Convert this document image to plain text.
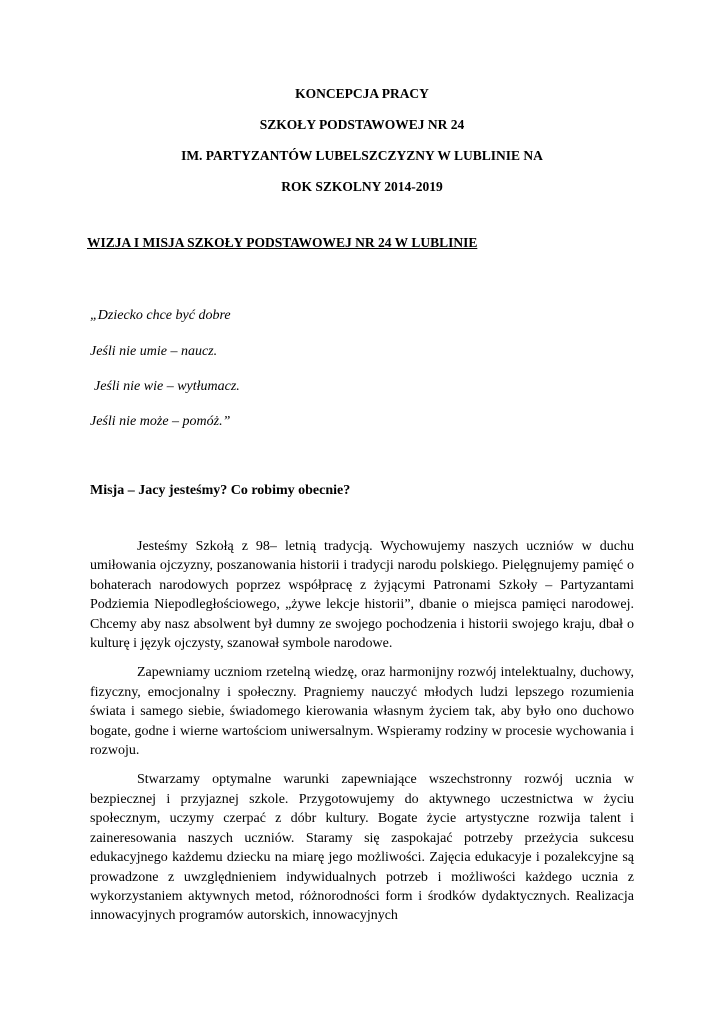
KONCEPCJA PRACY

SZKOŁY PODSTAWOWEJ NR 24

IM. PARTYZANTÓW LUBELSZCZYZNY W LUBLINIE NA

ROK SZKOLNY 2014-2019

WIZJA I MISJA SZKOŁY PODSTAWOWEJ NR 24 W LUBLINIE

„Dziecko chce być dobre

Jeśli nie umie – naucz.

Jeśli nie wie – wytłumacz.

Jeśli nie może – pomóż.”

Misja – Jacy jesteśmy? Co robimy obecnie?

Jesteśmy Szkołą z 98– letnią tradycją. Wychowujemy naszych uczniów w duchu umiłowania ojczyzny, poszanowania historii i tradycji narodu polskiego. Pielęgnujemy pamięć o bohaterach narodowych poprzez współpracę z żyjącymi Patronami Szkoły – Partyzantami Podziemia Niepodległościowego, „żywe lekcje historii”, dbanie o miejsca pamięci narodowej. Chcemy aby nasz absolwent był dumny ze swojego pochodzenia i historii swojego kraju, dbał o kulturę i język ojczysty, szanował symbole narodowe.

Zapewniamy uczniom rzetelną wiedzę, oraz harmonijny rozwój intelektualny, duchowy, fizyczny, emocjonalny i społeczny. Pragniemy nauczyć młodych ludzi lepszego rozumienia świata i samego siebie, świadomego kierowania własnym życiem tak, aby było ono duchowo bogate, godne i wierne wartościom uniwersalnym. Wspieramy rodziny w procesie wychowania i rozwoju.

Stwarzamy optymalne warunki zapewniające wszechstronny rozwój ucznia w bezpiecznej i przyjaznej szkole. Przygotowujemy do aktywnego uczestnictwa w życiu społecznym, uczymy czerpać z dóbr kultury. Bogate życie artystyczne rozwija talent i zaineresowania naszych uczniów. Staramy się zaspokajać potrzeby przeżycia sukcesu edukacyjnego każdemu dziecku na miarę jego możliwości. Zajęcia edukacyje i pozalekcyjne są prowadzone z uwzględnieniem indywidualnych potrzeb i możliwości każdego ucznia z wykorzystaniem aktywnych metod, różnorodności form i środków dydaktycznych. Realizacja innowacyjnych programów autorskich, innowacyjnych
